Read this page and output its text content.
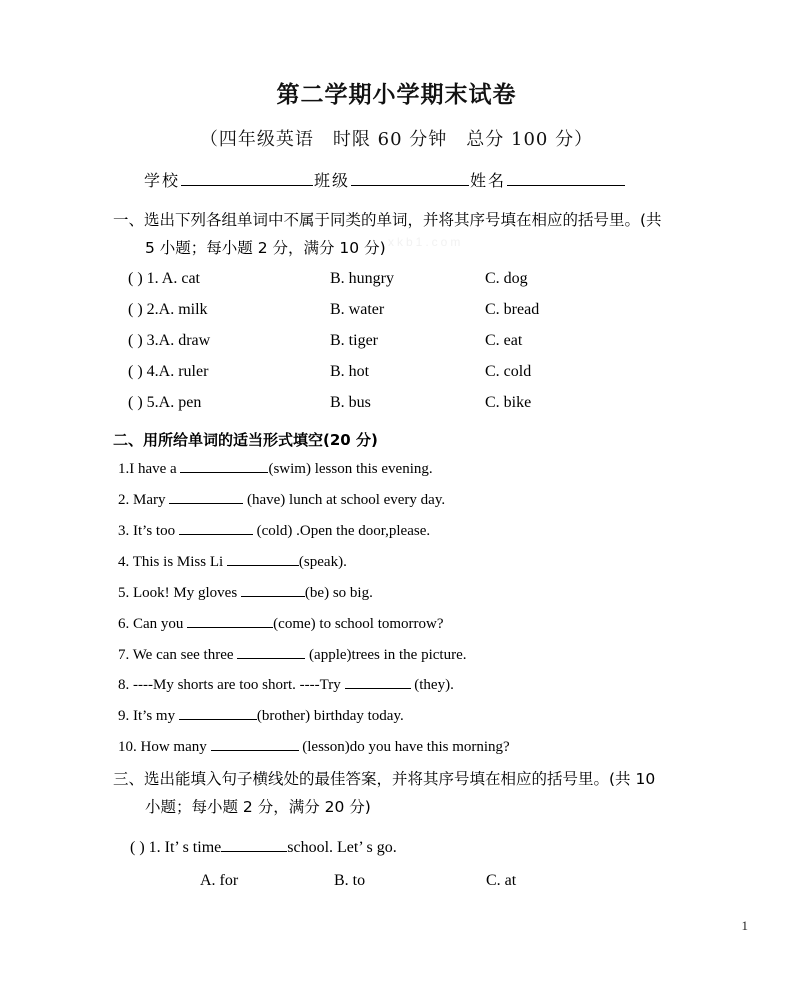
第二学期小学期末试卷
（四年级英语　时限 60 分钟　总分 100 分）
学校	班级	姓名
一、选出下列各组单词中不属于同类的单词，并将其序号填在相应的括号里。(共
5 小题；每小题 2 分，满分 10 分) xkb1.com
( ) 1. A. cat	B. hungry	C. dog
( ) 2.A. milk	B. water	C. bread
( ) 3.A. draw	B. tiger	C. eat
( ) 4.A. ruler	B. hot	C. cold
( ) 5.A. pen	B. bus	C. bike
二、用所给单词的适当形式填空(20 分)
1.I have a	(swim) lesson this evening.
2. Mary	(have) lunch at school every day.
3. It’s too	(cold) .Open the door,please.
4. This is Miss Li	(speak).
5. Look! My gloves	(be) so big.
6. Can you	(come) to school tomorrow?
7. We can see three	(apple)trees in the picture.
8. ----My shorts are too short. ----Try	(they).
9. It’s my	(brother) birthday today.
10. How many	(lesson)do you have this morning?
三、选出能填入句子横线处的最佳答案，并将其序号填在相应的括号里。(共 10
小题；每小题 2 分，满分 20 分)
( ) 1. It’ s time	school. Let’ s go.
A. for	B. to	C. at
1
